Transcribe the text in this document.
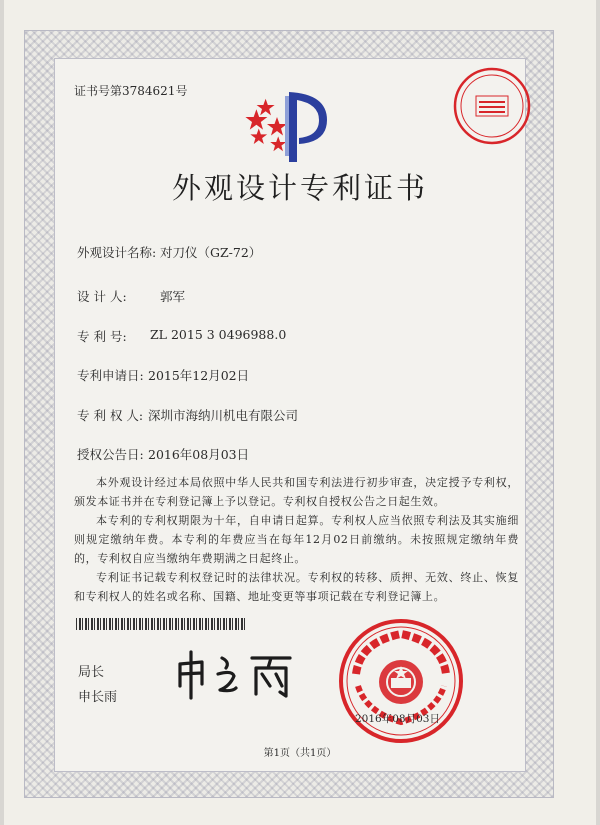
证书号第3784621号
外观设计专利证书
外观设计名称: 对刀仪（GZ-72）
设 计 人:	郭军
专 利 号: ZL 2015 3 0496988.0
专利申请日: 2015年12月02日
专 利 权 人: 深圳市海纳川机电有限公司
授权公告日: 2016年08月03日
本外观设计经过本局依照中华人民共和国专利法进行初步审查，决定授予专利权，颁发本证书并在专利登记簿上予以登记。专利权自授权公告之日起生效。
本专利的专利权期限为十年，自申请日起算。专利权人应当依照专利法及其实施细则规定缴纳年费。本专利的年费应当在每年12月02日前缴纳。未按照规定缴纳年费的，专利权自应当缴纳年费期满之日起终止。
专利证书记载专利权登记时的法律状况。专利权的转移、质押、无效、终止、恢复和专利权人的姓名或名称、国籍、地址变更等事项记载在专利登记簿上。
局长
申长雨
2016年08月03日
第1页（共1页）
